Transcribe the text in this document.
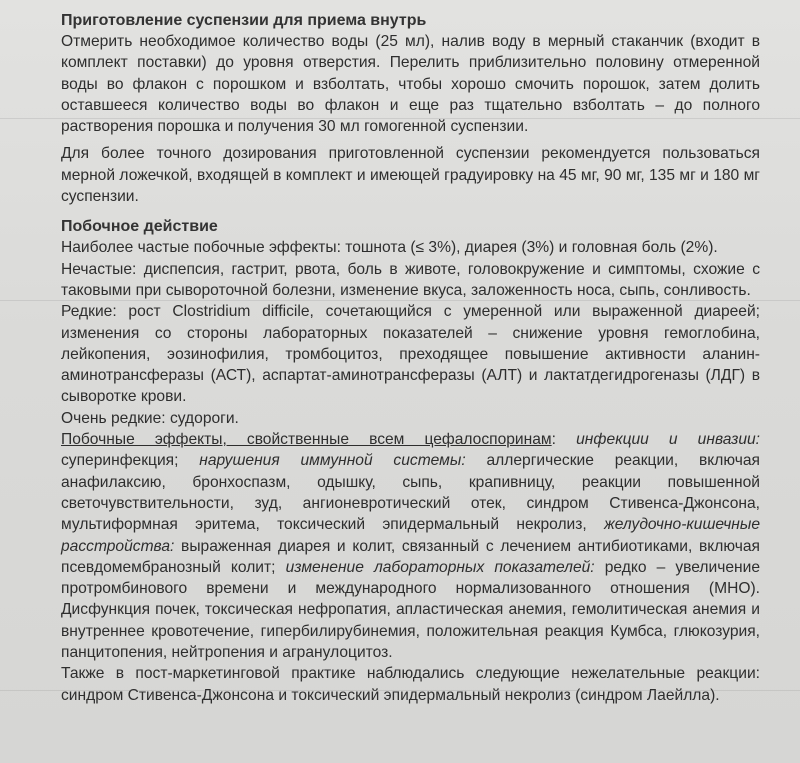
Приготовление суспензии для приема внутрь

Отмерить необходимое количество воды (25 мл), налив воду в мерный стаканчик (входит в комплект поставки) до уровня отверстия. Перелить приблизительно половину отмеренной воды во флакон с порошком и взболтать, чтобы хорошо смочить порошок, затем долить оставшееся количество воды во флакон и еще раз тщательно взболтать – до полного растворения порошка и получения 30 мл гомогенной суспензии.

Для более точного дозирования приготовленной суспензии рекомендуется пользоваться мерной ложечкой, входящей в комплект и имеющей градуировку на 45 мг, 90 мг, 135 мг и 180 мг суспензии.

Побочное действие

Наиболее частые побочные эффекты: тошнота (≤ 3%), диарея (3%) и головная боль (2%).

Нечастые: диспепсия, гастрит, рвота, боль в животе, головокружение и симптомы, схожие с таковыми при сывороточной болезни, изменение вкуса, заложенность носа, сыпь, сонливость.

Редкие: рост Clostridium difficile, сочетающийся с умеренной или выраженной диареей; изменения со стороны лабораторных показателей – снижение уровня гемоглобина, лейкопения, эозинофилия, тромбоцитоз, преходящее повышение активности аланин-аминотрансферазы (АСТ), аспартат-аминотрансферазы (АЛТ) и лактатдегидрогеназы (ЛДГ) в сыворотке крови.

Очень редкие: судороги.

Побочные эффекты, свойственные всем цефалоспоринам: инфекции и инвазии: суперинфекция; нарушения иммунной системы: аллергические реакции, включая анафилаксию, бронхоспазм, одышку, сыпь, крапивницу, реакции повышенной светочувствительности, зуд, ангионевротический отек, синдром Стивенса-Джонсона, мультиформная эритема, токсический эпидермальный некролиз, желудочно-кишечные расстройства: выраженная диарея и колит, связанный с лечением антибиотиками, включая псевдомембранозный колит; изменение лабораторных показателей: редко – увеличение протромбинового времени и международного нормализованного отношения (МНО). Дисфункция почек, токсическая нефропатия, апластическая анемия, гемолитическая анемия и внутреннее кровотечение, гипербилирубинемия, положительная реакция Кумбса, глюкозурия, панцитопения, нейтропения и агранулоцитоз.

Также в пост-маркетинговой практике наблюдались следующие нежелательные реакции: синдром Стивенса-Джонсона и токсический эпидермальный некролиз (синдром Лаейлла).
